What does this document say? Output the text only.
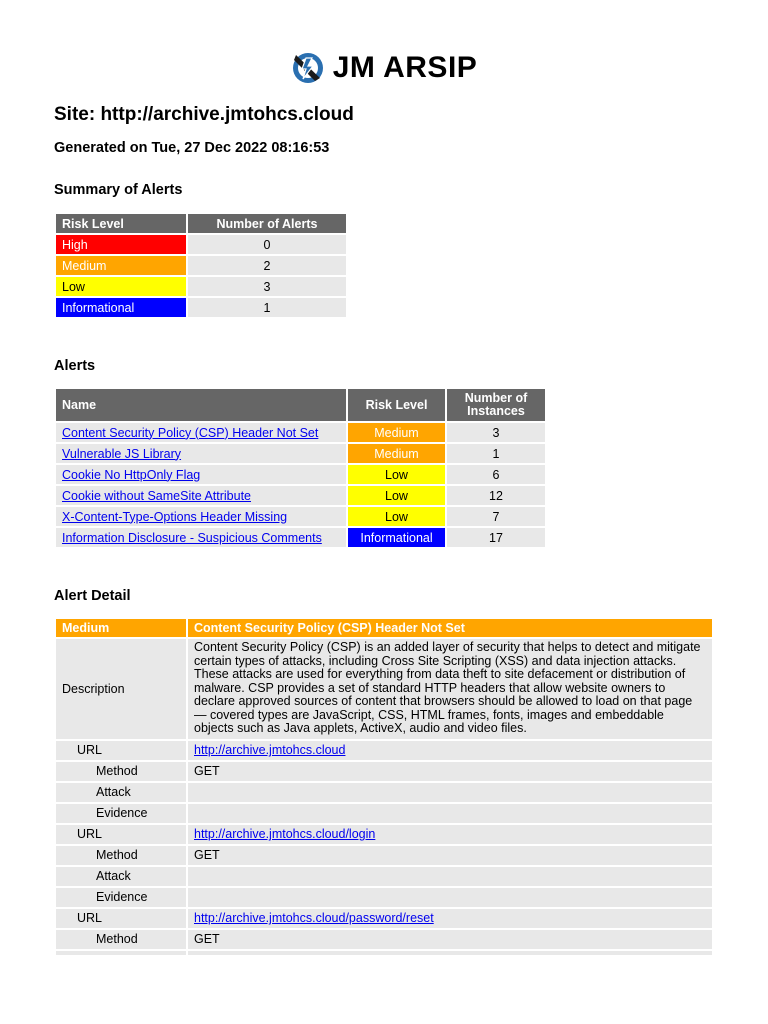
JM ARSIP
Site: http://archive.jmtohcs.cloud
Generated on Tue, 27 Dec 2022 08:16:53
Summary of Alerts
Risk Level	Number of Alerts
High	0
Medium	2
Low	3
Informational	1
Alerts
Name	Risk Level	Number of Instances
Content Security Policy (CSP) Header Not Set	Medium	3
Vulnerable JS Library	Medium	1
Cookie No HttpOnly Flag	Low	6
Cookie without SameSite Attribute	Low	12
X-Content-Type-Options Header Missing	Low	7
Information Disclosure - Suspicious Comments	Informational	17
Alert Detail
Medium	Content Security Policy (CSP) Header Not Set
Description	Content Security Policy (CSP) is an added layer of security that helps to detect and mitigate certain types of attacks, including Cross Site Scripting (XSS) and data injection attacks. These attacks are used for everything from data theft to site defacement or distribution of malware. CSP provides a set of standard HTTP headers that allow website owners to declare approved sources of content that browsers should be allowed to load on that page — covered types are JavaScript, CSS, HTML frames, fonts, images and embeddable objects such as Java applets, ActiveX, audio and video files.
URL	http://archive.jmtohcs.cloud
Method	GET
Attack	
Evidence	
URL	http://archive.jmtohcs.cloud/login
Method	GET
Attack	
Evidence	
URL	http://archive.jmtohcs.cloud/password/reset
Method	GET
